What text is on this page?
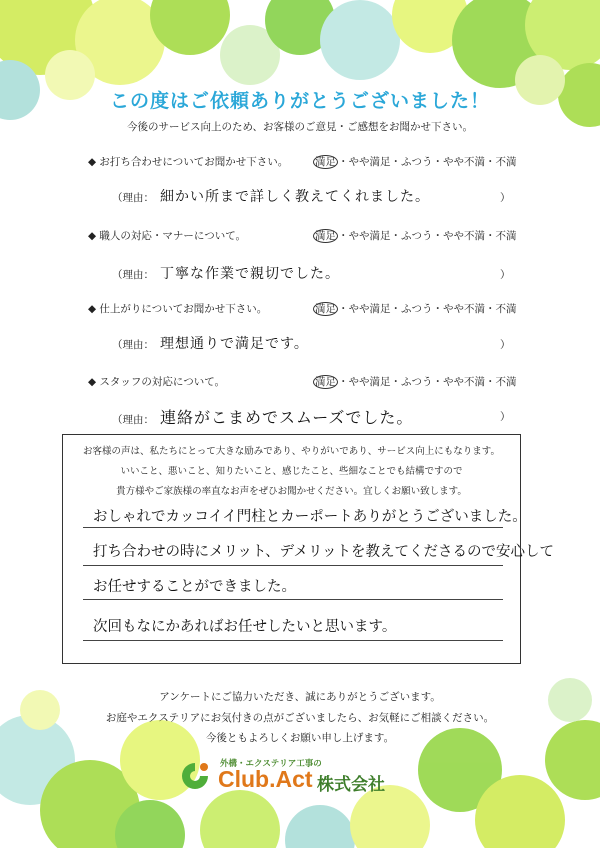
この度はご依頼ありがとうございました！
今後のサービス向上のため、お客様のご意見・ご感想をお聞かせ下さい。
◆ お打ち合わせについてお聞かせ下さい。	満足 ・やや満足・ふつう・やや不満・不満
（理由： 細かい所まで詳しく教えてくれました。	）
◆ 職人の対応・マナーについて。	満足 ・やや満足・ふつう・やや不満・不満
（理由： 丁寧な作業で親切でした。	）
◆ 仕上がりについてお聞かせ下さい。	満足 ・やや満足・ふつう・やや不満・不満
（理由： 理想通りで満足です。	）
◆ スタッフの対応について。	満足 ・やや満足・ふつう・やや不満・不満
（理由： 連絡がこまめでスムーズでした。	）
お客様の声は、私たちにとって大きな励みであり、やりがいであり、サービス向上にもなります。
いいこと、悪いこと、知りたいこと、感じたこと、些細なことでも結構ですので
貴方様やご家族様の率直なお声をぜひお聞かせください。宜しくお願い致します。
おしゃれでカッコイイ門柱とカーポートありがとうございました。
打ち合わせの時にメリット、デメリットを教えてくださるので安心して
お任せすることができました。
次回もなにかあればお任せしたいと思います。
アンケートにご協力いただき、誠にありがとうございます。
お庭やエクステリアにお気付きの点がございましたら、お気軽にご相談ください。
今後ともよろしくお願い申し上げます。
外構・エクステリア工事の
Club.Act 株式会社
